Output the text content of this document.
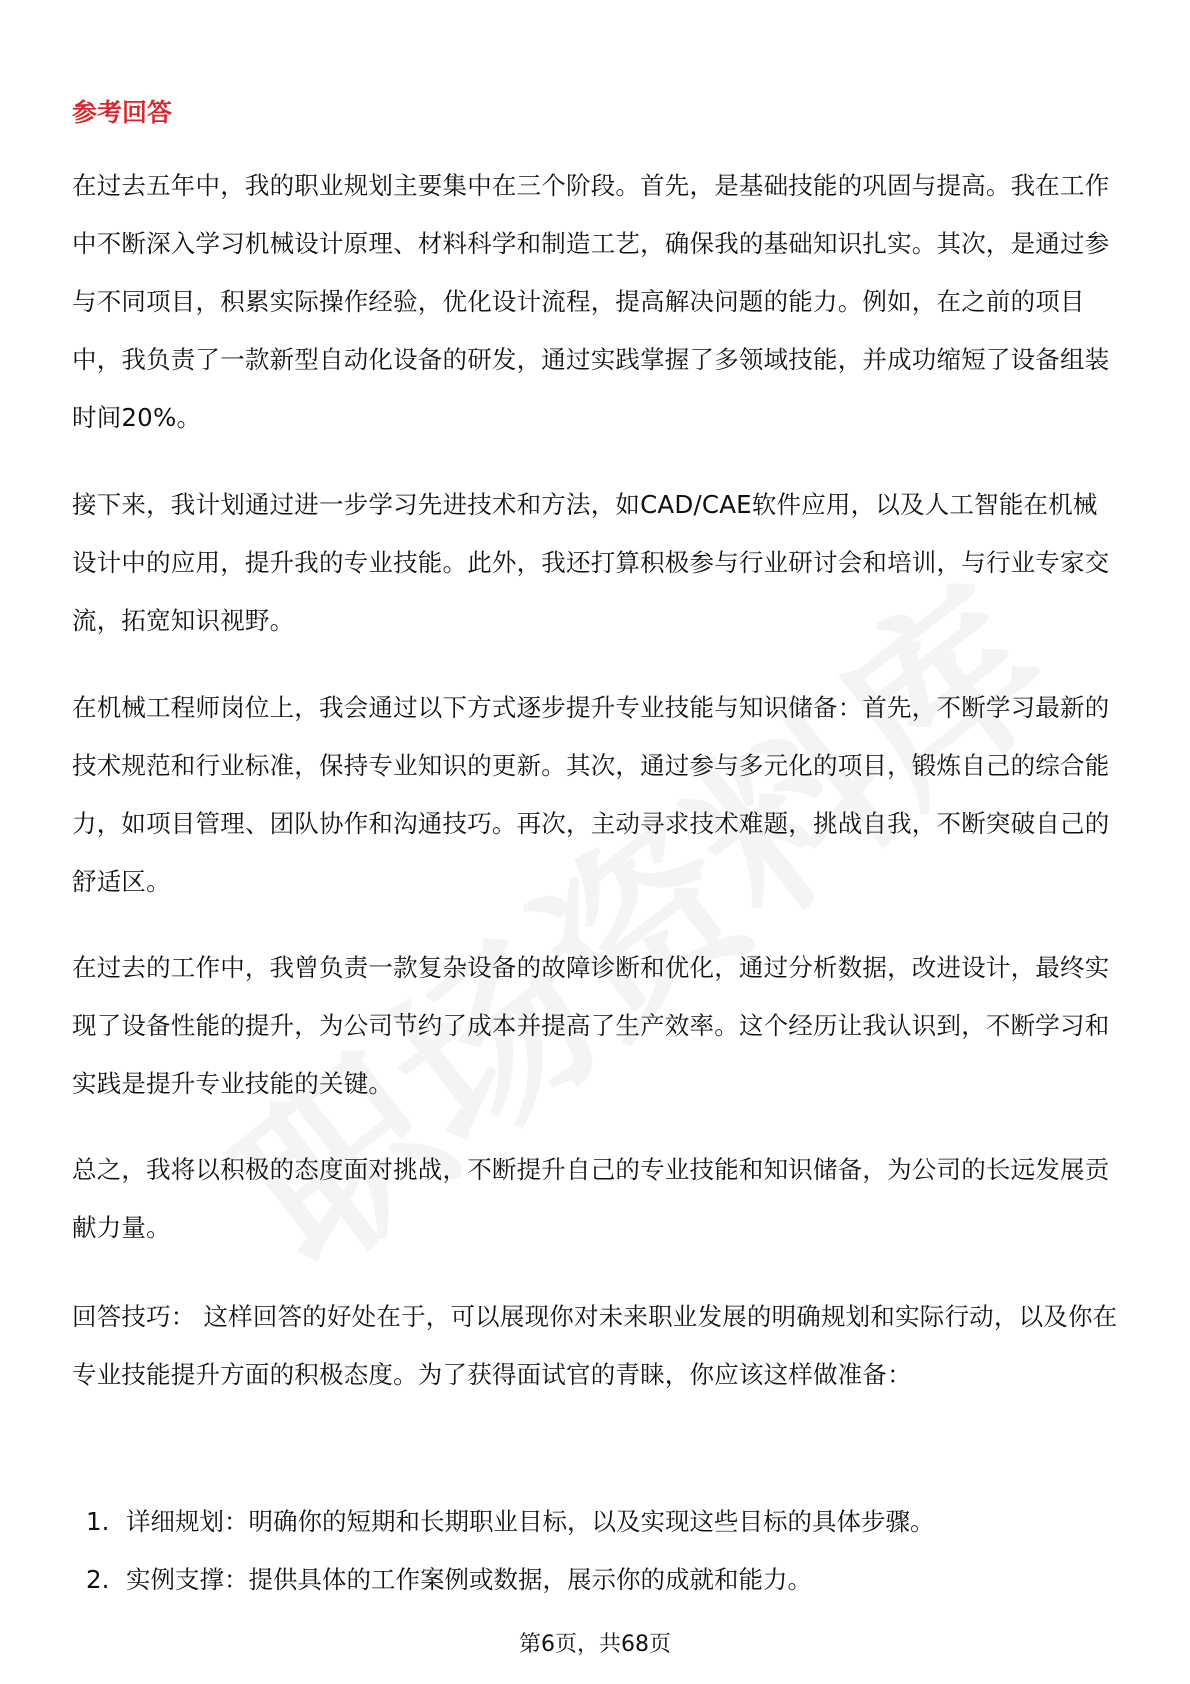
参考回答

在过去五年中，我的职业规划主要集中在三个阶段。首先，是基础技能的巩固与提高。我在工作中不断深入学习机械设计原理、材料科学和制造工艺，确保我的基础知识扎实。其次，是通过参与不同项目，积累实际操作经验，优化设计流程，提高解决问题的能力。例如，在之前的项目中，我负责了一款新型自动化设备的研发，通过实践掌握了多领域技能，并成功缩短了设备组装时间20%。

接下来，我计划通过进一步学习先进技术和方法，如CAD/CAE软件应用，以及人工智能在机械设计中的应用，提升我的专业技能。此外，我还打算积极参与行业研讨会和培训，与行业专家交流，拓宽知识视野。

在机械工程师岗位上，我会通过以下方式逐步提升专业技能与知识储备：首先，不断学习最新的技术规范和行业标准，保持专业知识的更新。其次，通过参与多元化的项目，锻炼自己的综合能力，如项目管理、团队协作和沟通技巧。再次，主动寻求技术难题，挑战自我，不断突破自己的舒适区。

在过去的工作中，我曾负责一款复杂设备的故障诊断和优化，通过分析数据，改进设计，最终实现了设备性能的提升，为公司节约了成本并提高了生产效率。这个经历让我认识到，不断学习和实践是提升专业技能的关键。

总之，我将以积极的态度面对挑战，不断提升自己的专业技能和知识储备，为公司的长远发展贡献力量。

回答技巧： 这样回答的好处在于，可以展现你对未来职业发展的明确规划和实际行动，以及你在专业技能提升方面的积极态度。为了获得面试官的青睐，你应该这样做准备：

1. 详细规划：明确你的短期和长期职业目标，以及实现这些目标的具体步骤。
2. 实例支撑：提供具体的工作案例或数据，展示你的成就和能力。
第6页，共68页
